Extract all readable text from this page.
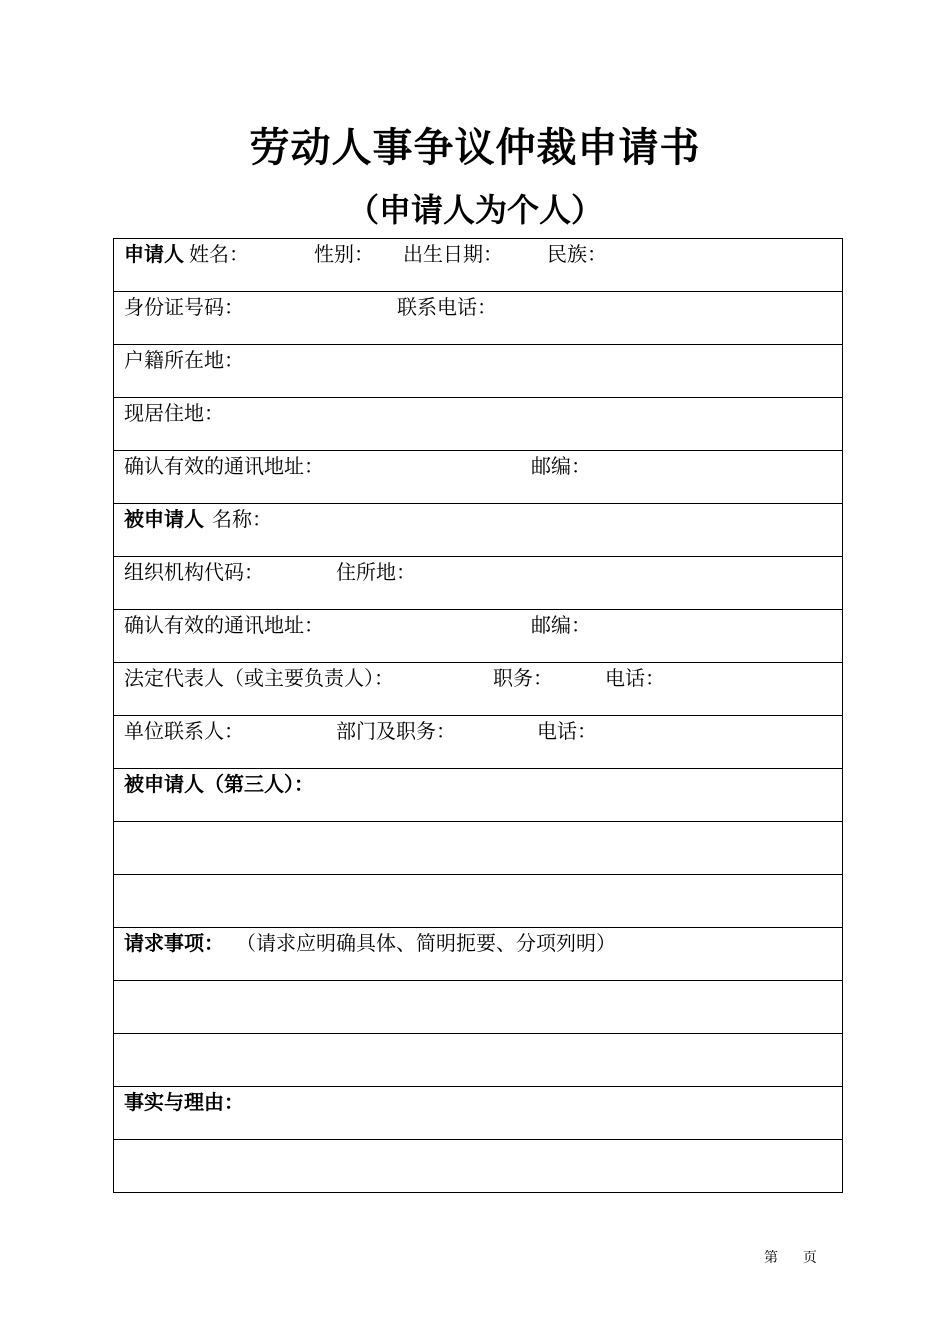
劳动人事争议仲裁申请书
（申请人为个人）
申请人 姓名：	性别： 出生日期： 民族：

身份证号码：	联系电话：

户籍所在地：

现居住地：

确认有效的通讯地址：	邮编：

被申请人 名称：

组织机构代码：	住所地：

确认有效的通讯地址：	邮编：

法定代表人（或主要负责人）：	职务：	电话：

单位联系人：	部门及职务：	电话：

被申请人（第三人）：

请求事项： （请求应明确具体、简明扼要、分项列明）

事实与理由：

第 页
